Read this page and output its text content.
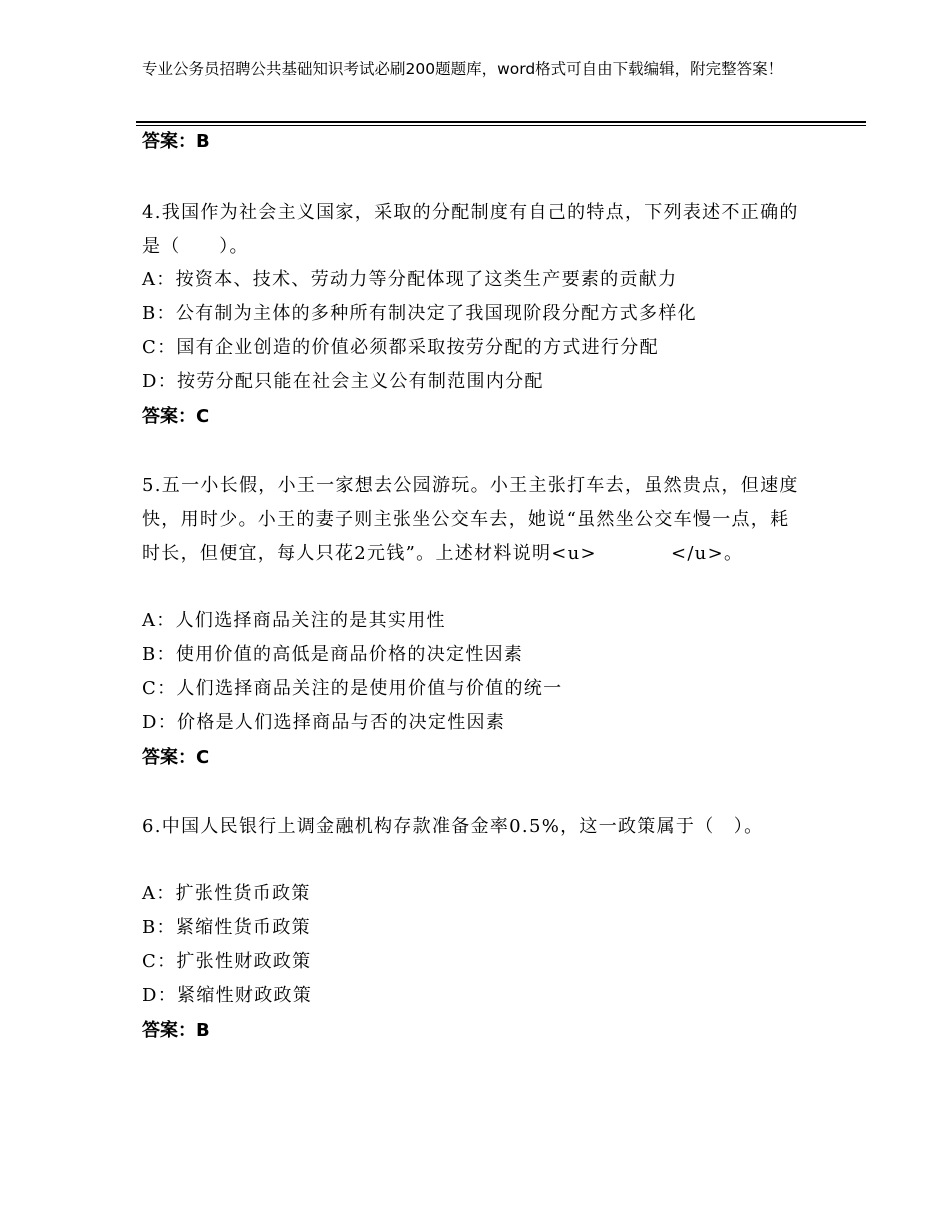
专业公务员招聘公共基础知识考试必刷200题题库，word格式可自由下载编辑，附完整答案！
答案：B
4.我国作为社会主义国家，采取的分配制度有自己的特点，下列表述不正确的是（　　）。
A：按资本、技术、劳动力等分配体现了这类生产要素的贡献力
B：公有制为主体的多种所有制决定了我国现阶段分配方式多样化
C：国有企业创造的价值必须都采取按劳分配的方式进行分配
D：按劳分配只能在社会主义公有制范围内分配
答案：C
5.五一小长假，小王一家想去公园游玩。小王主张打车去，虽然贵点，但速度快，用时少。小王的妻子则主张坐公交车去，她说“虽然坐公交车慢一点，耗时长，但便宜，每人只花2元钱”。上述材料说明<u>	</u>。
A：人们选择商品关注的是其实用性
B：使用价值的高低是商品价格的决定性因素
C：人们选择商品关注的是使用价值与价值的统一
D：价格是人们选择商品与否的决定性因素
答案：C
6.中国人民银行上调金融机构存款准备金率0.5%，这一政策属于（　）。
A：扩张性货币政策
B：紧缩性货币政策
C：扩张性财政政策
D：紧缩性财政政策
答案：B
